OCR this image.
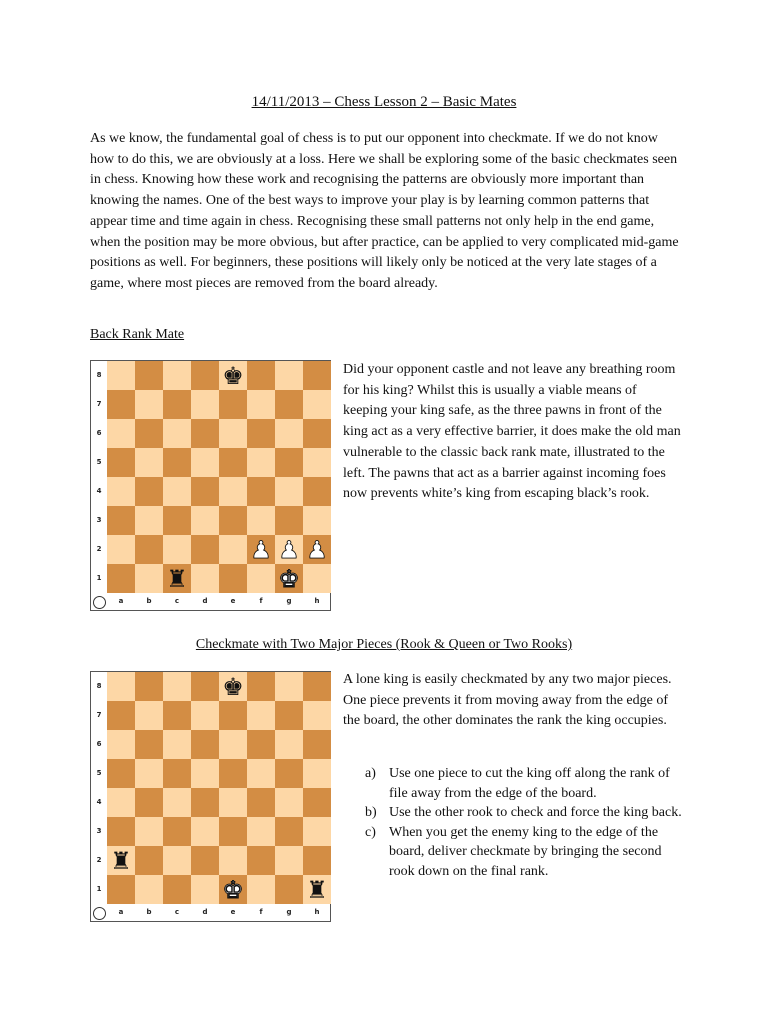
14/11/2013 – Chess Lesson 2 – Basic Mates

As we know, the fundamental goal of chess is to put our opponent into checkmate. If we do not know how to do this, we are obviously at a loss. Here we shall be exploring some of the basic checkmates seen in chess. Knowing how these work and recognising the patterns are obviously more important than knowing the names. One of the best ways to improve your play is by learning common patterns that appear time and time again in chess. Recognising these small patterns not only help in the end game, when the position may be more obvious, but after practice, can be applied to very complicated mid-game positions as well. For beginners, these positions will likely only be noticed at the very late stages of a game, where most pieces are removed from the board already.

Back Rank Mate

8
7
6
5
4
3
2
1
♚
♟ ♟ ♟
♜	♚
a	b	c	d	e	f	g	h

Did your opponent castle and not leave any breathing room for his king? Whilst this is usually a viable means of keeping your king safe, as the three pawns in front of the king act as a very effective barrier, it does make the old man vulnerable to the classic back rank mate, illustrated to the left. The pawns that act as a barrier against incoming foes now prevents white’s king from escaping black’s rook.

Checkmate with Two Major Pieces (Rook & Queen or Two Rooks)

8
7
6
5
4
3
2
1
♚
♜
♚	♜
a	b	c	d	e	f	g	h

A lone king is easily checkmated by any two major pieces. One piece prevents it from moving away from the edge of the board, the other dominates the rank the king occupies.

a) Use one piece to cut the king off along the rank of file away from the edge of the board.
b) Use the other rook to check and force the king back.
c) When you get the enemy king to the edge of the board, deliver checkmate by bringing the second rook down on the final rank.
